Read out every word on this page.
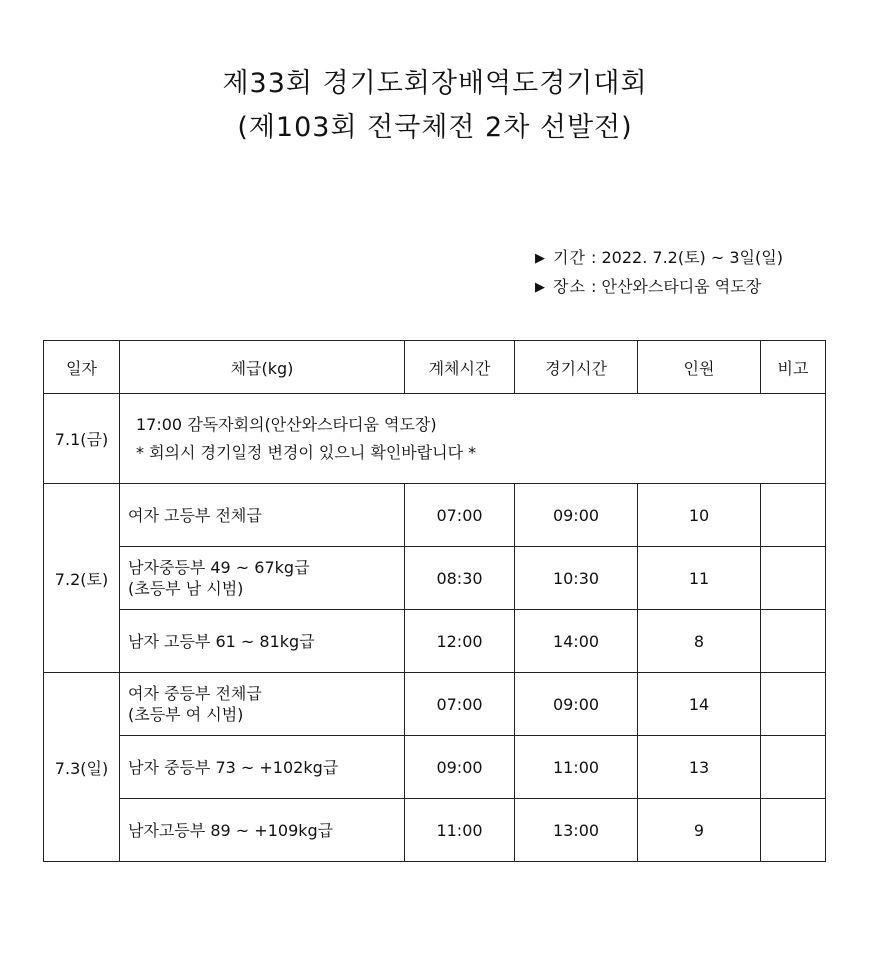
제33회 경기도회장배역도경기대회
(제103회 전국체전 2차 선발전)
▶ 기간 : 2022. 7.2(토) ~ 3일(일)
▶ 장소 : 안산와스타디움 역도장
일자	체급(kg)	계체시간	경기시간	인원	비고
7.1(금)	17:00 감독자회의(안산와스타디움 역도장)
* 회의시 경기일정 변경이 있으니 확인바랍니다 *				

7.2(토)	여자 고등부 전체급	07:00	09:00	10	

	남자중등부 49 ~ 67kg급
(초등부 남 시범)	08:30	10:30	11	
	남자 고등부 61 ~ 81kg급	12:00	14:00	8	
7.3(일)	여자 중등부 전체급
(초등부 여 시범)	07:00	09:00	14	
	남자 중등부 73 ~ +102kg급	09:00	11:00	13	
	남자고등부 89 ~ +109kg급	11:00	13:00	9	
